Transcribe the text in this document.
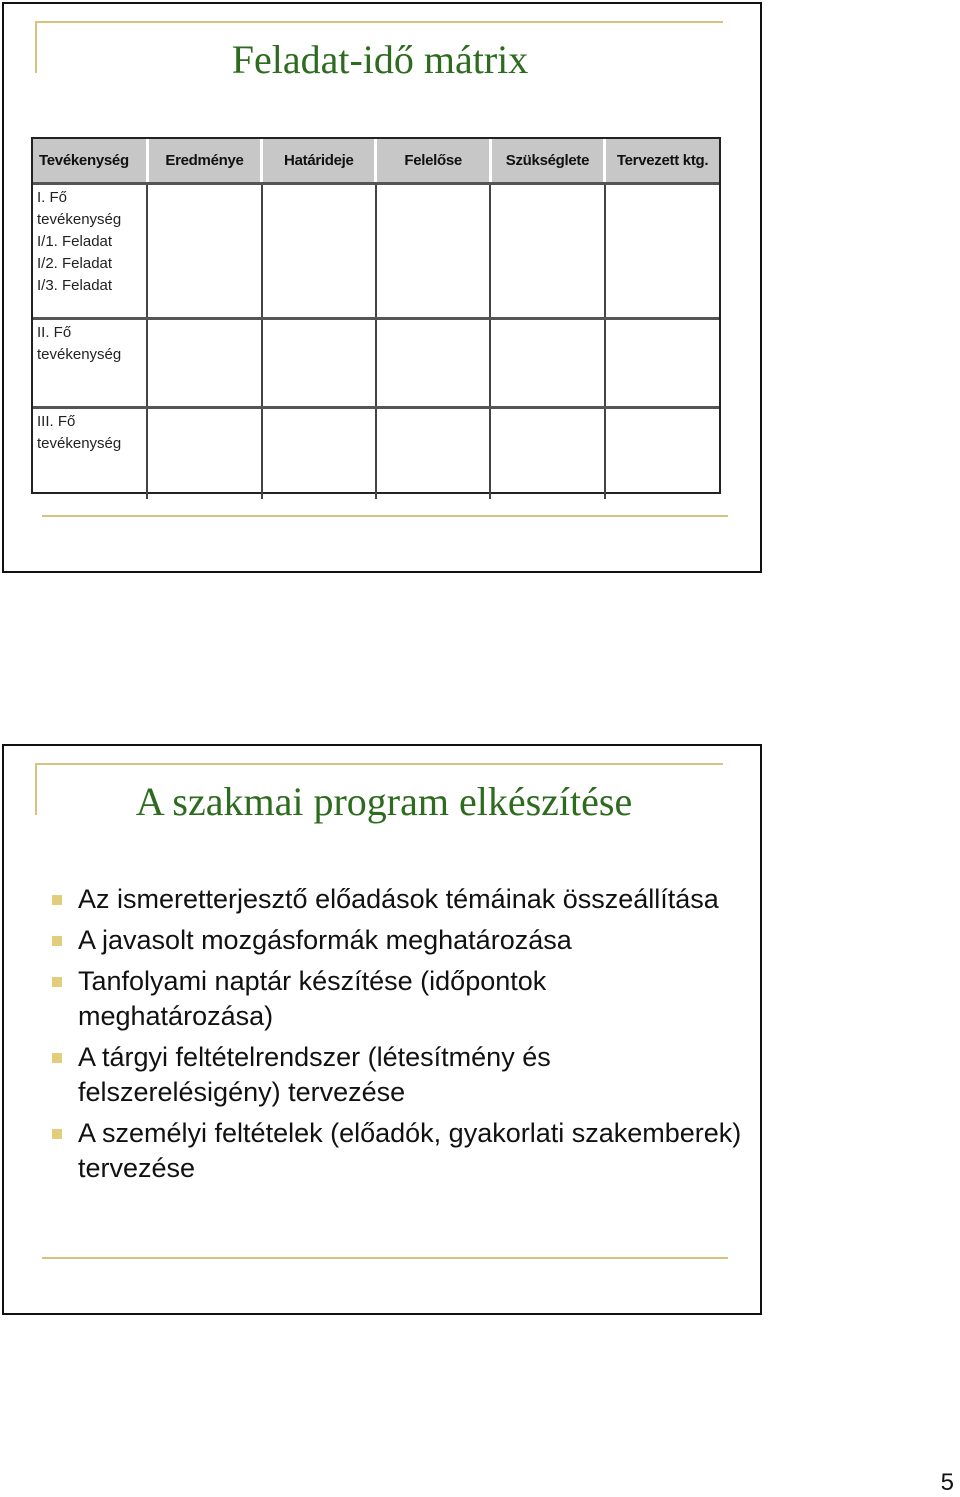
Feladat-idő mátrix
Tevékenység	Eredménye	Határideje	Felelőse	Szükséglete	Tervezett ktg.

I. Fő
tevékenység
I/1. Feladat
I/2. Feladat
I/3. Feladat					

II. Fő
tevékenység					

III. Fő
tevékenység					

A szakmai program elkészítése
Az ismeretterjesztő előadások témáinak összeállítása
A javasolt mozgásformák meghatározása
Tanfolyami naptár készítése (időpontok meghatározása)
A tárgyi feltételrendszer (létesítmény és felszerelésigény) tervezése
A személyi feltételek (előadók, gyakorlati szakemberek) tervezése
5
